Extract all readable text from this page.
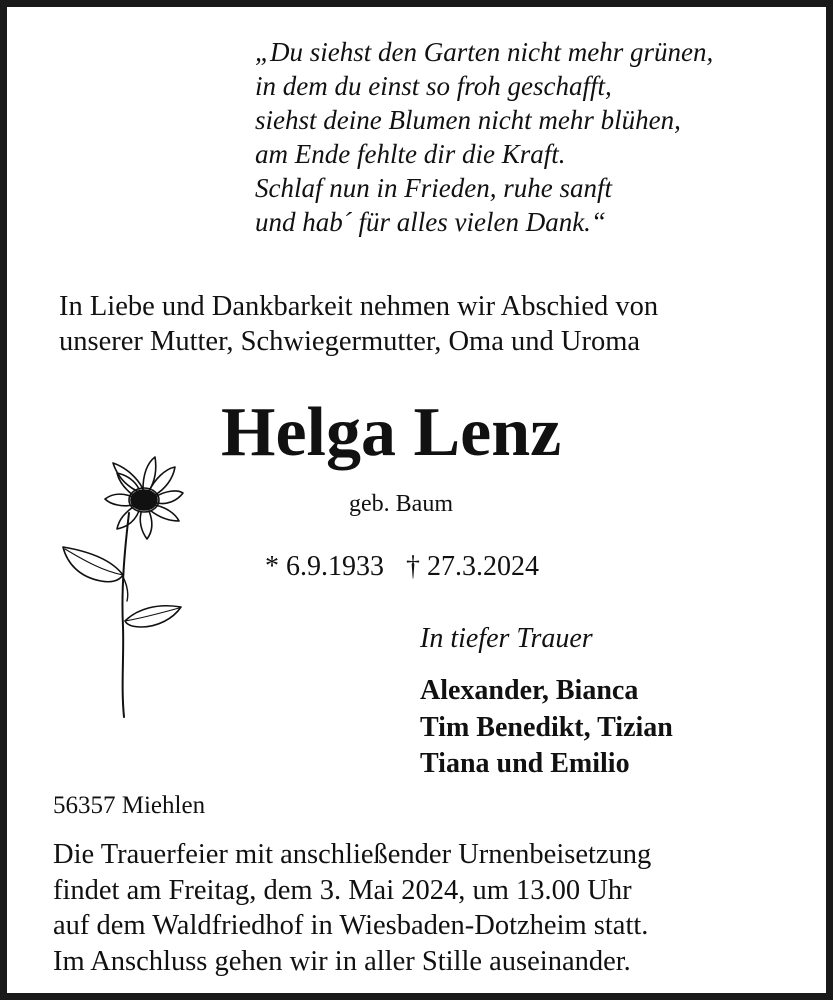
„Du siehst den Garten nicht mehr grünen,
in dem du einst so froh geschafft,
siehst deine Blumen nicht mehr blühen,
am Ende fehlte dir die Kraft.
Schlaf nun in Frieden, ruhe sanft
und hab´ für alles vielen Dank.“
In Liebe und Dankbarkeit nehmen wir Abschied von
unserer Mutter, Schwiegermutter, Oma und Uroma
Helga Lenz
geb. Baum
* 6.9.1933 † 27.3.2024
In tiefer Trauer
Alexander, Bianca
Tim Benedikt, Tizian
Tiana und Emilio
56357 Miehlen
Die Trauerfeier mit anschließender Urnenbeisetzung
findet am Freitag, dem 3. Mai 2024, um 13.00 Uhr
auf dem Waldfriedhof in Wiesbaden-Dotzheim statt.
Im Anschluss gehen wir in aller Stille auseinander.
